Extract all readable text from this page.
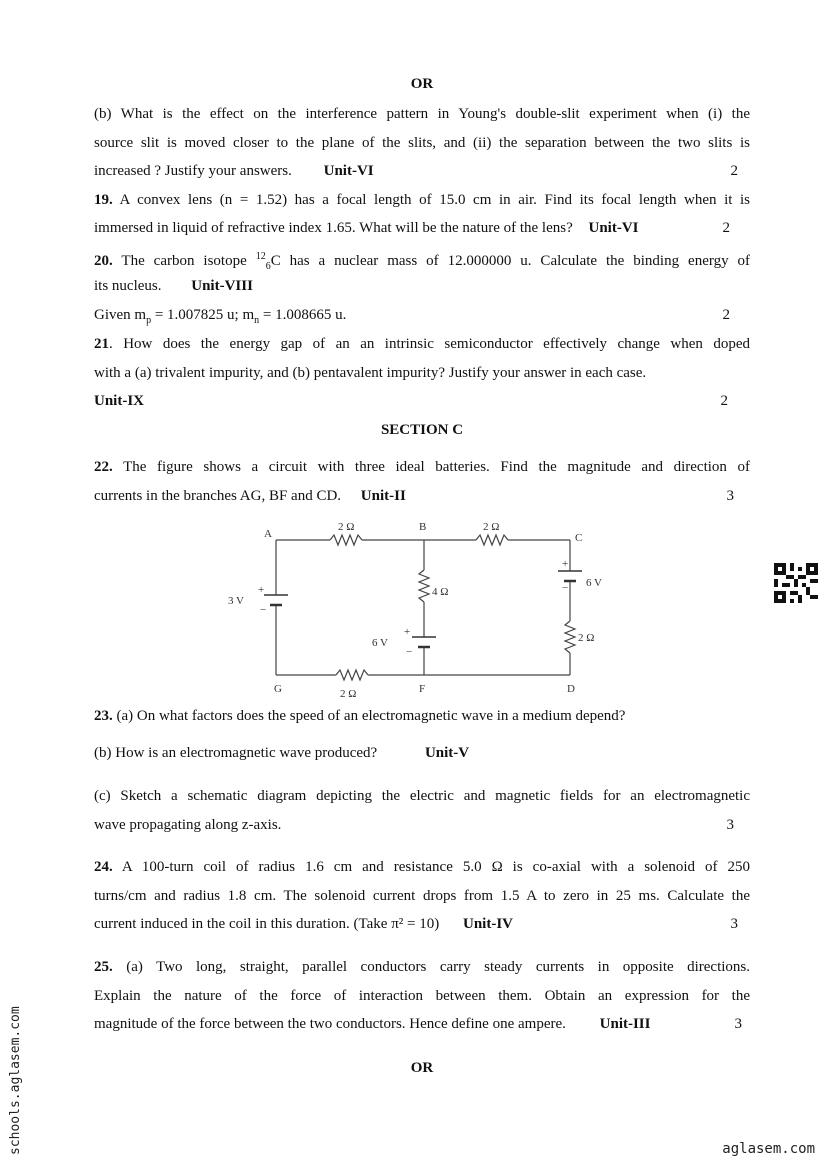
OR
(b) What is the effect on the interference pattern in Young's double-slit experiment when (i) the
source slit is moved closer to the plane of the slits, and (ii) the separation between the two slits is
increased ? Justify your answers. Unit-VI	2
19. A convex lens (n = 1.52) has a focal length of 15.0 cm in air. Find its focal length when it is
immersed in liquid of refractive index 1.65. What will be the nature of the lens? Unit-VI	2
20. The carbon isotope $^{12}_6$C has a nuclear mass of 12.000000 u. Calculate the binding energy of
its nucleus. Unit-VIII
Given $m_p = 1.007825$ u; $m_n = 1.008665$ u.	2
21. How does the energy gap of an an intrinsic semiconductor effectively change when doped
with a (a) trivalent impurity, and (b) pentavalent impurity? Justify your answer in each case.
Unit-IX	2
SECTION C
22. The figure shows a circuit with three ideal batteries. Find the magnitude and direction of
currents in the branches AG, BF and CD. Unit-II	3
23. (a) On what factors does the speed of an electromagnetic wave in a medium depend?
(b) How is an electromagnetic wave produced?	Unit-V
(c) Sketch a schematic diagram depicting the electric and magnetic fields for an electromagnetic
wave propagating along z-axis.	3
24. A 100-turn coil of radius 1.6 cm and resistance 5.0 Ω is co-axial with a solenoid of 250
turns/cm and radius 1.8 cm. The solenoid current drops from 1.5 A to zero in 25 ms. Calculate the
current induced in the coil in this duration. (Take π² = 10) Unit-IV	3
25. (a) Two long, straight, parallel conductors carry steady currents in opposite directions.
Explain the nature of the force of interaction between them. Obtain an expression for the
magnitude of the force between the two conductors. Hence define one ampere. Unit-III	3
OR
A
B
C
D
F
G
2 Ω	2 Ω
4 Ω
2 Ω
2 Ω
3 V
6 V
6 V
+
−
+
−
+
−
schools.aglasem.com	aglasem.com
